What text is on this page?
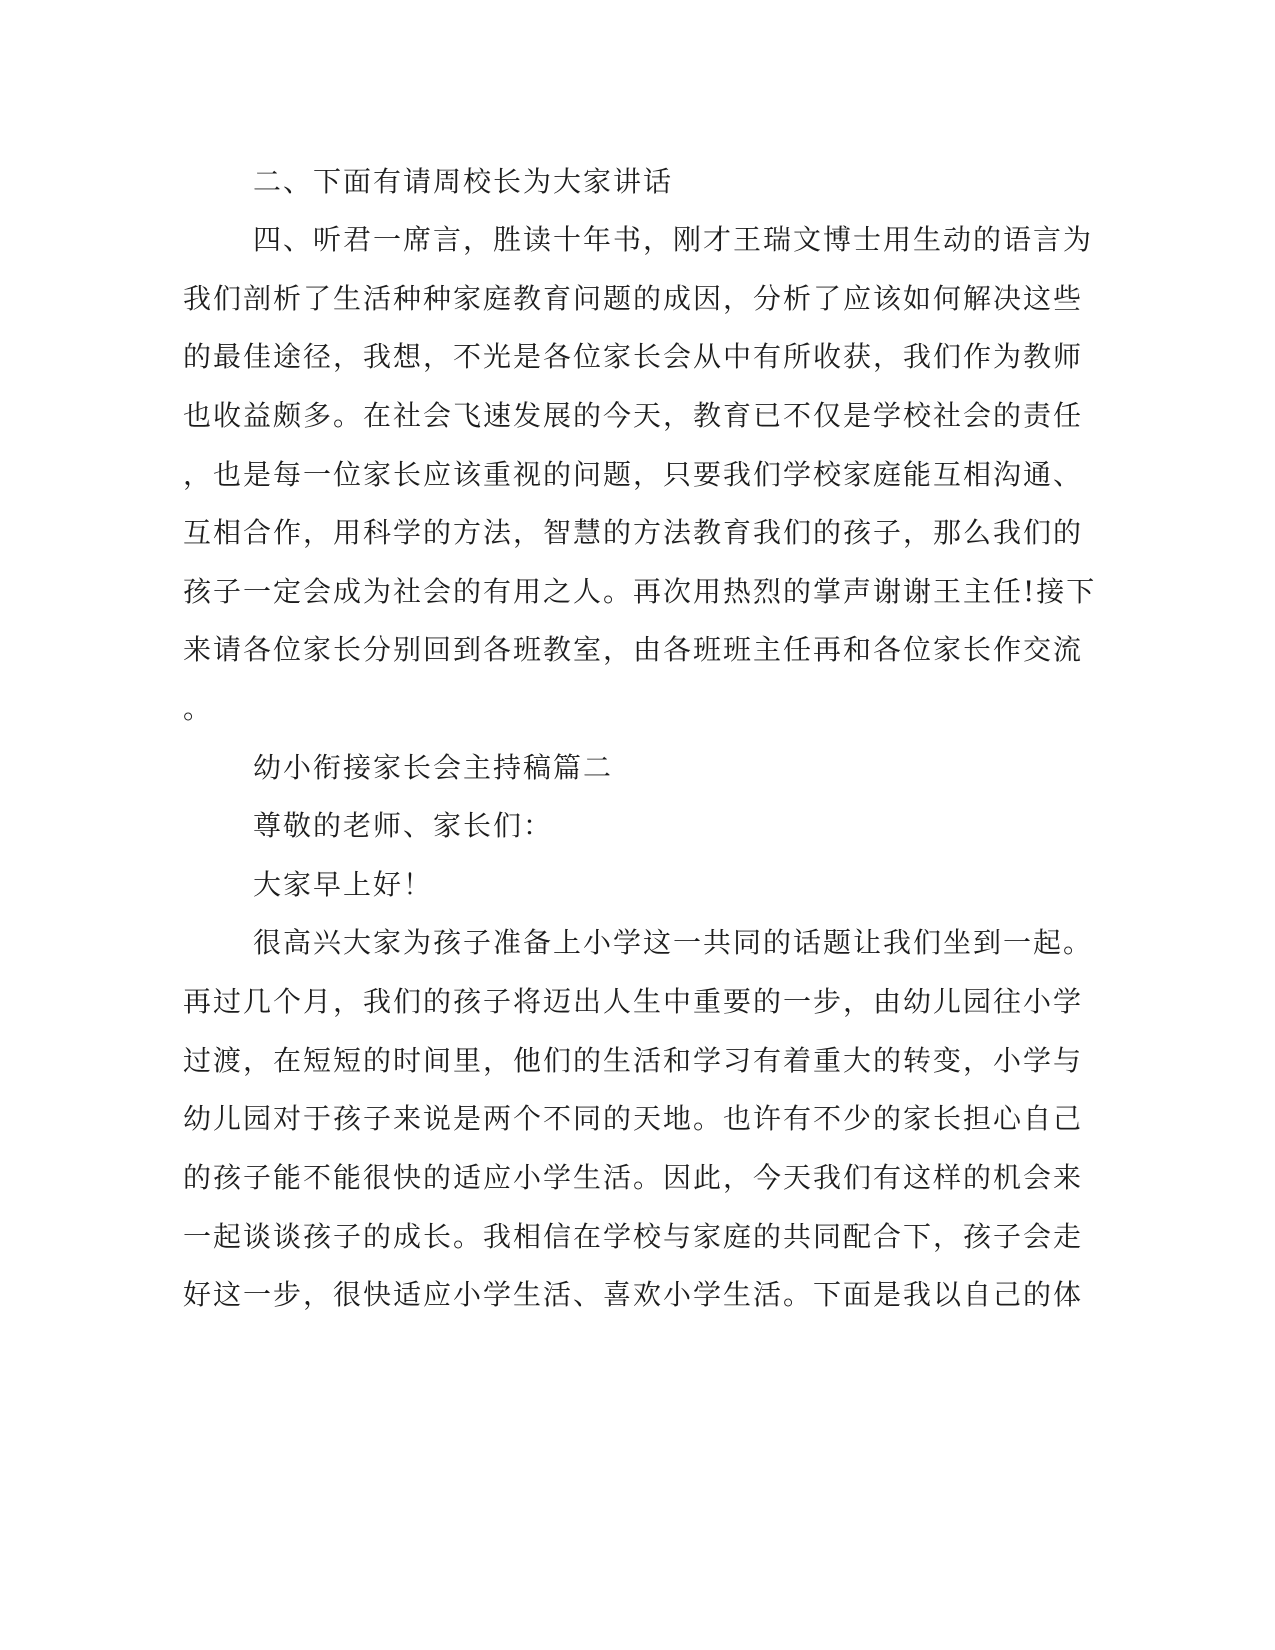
二、下面有请周校长为大家讲话
四、听君一席言，胜读十年书，刚才王瑞文博士用生动的语言为
我们剖析了生活种种家庭教育问题的成因，分析了应该如何解决这些
的最佳途径，我想，不光是各位家长会从中有所收获，我们作为教师
也收益颇多。在社会飞速发展的今天，教育已不仅是学校社会的责任
，也是每一位家长应该重视的问题，只要我们学校家庭能互相沟通、
互相合作，用科学的方法，智慧的方法教育我们的孩子，那么我们的
孩子一定会成为社会的有用之人。再次用热烈的掌声谢谢王主任!接下
来请各位家长分别回到各班教室，由各班班主任再和各位家长作交流
。
幼小衔接家长会主持稿篇二
尊敬的老师、家长们：
大家早上好！
很高兴大家为孩子准备上小学这一共同的话题让我们坐到一起。
再过几个月，我们的孩子将迈出人生中重要的一步，由幼儿园往小学
过渡，在短短的时间里，他们的生活和学习有着重大的转变，小学与
幼儿园对于孩子来说是两个不同的天地。也许有不少的家长担心自己
的孩子能不能很快的适应小学生活。因此，今天我们有这样的机会来
一起谈谈孩子的成长。我相信在学校与家庭的共同配合下，孩子会走
好这一步，很快适应小学生活、喜欢小学生活。下面是我以自己的体
